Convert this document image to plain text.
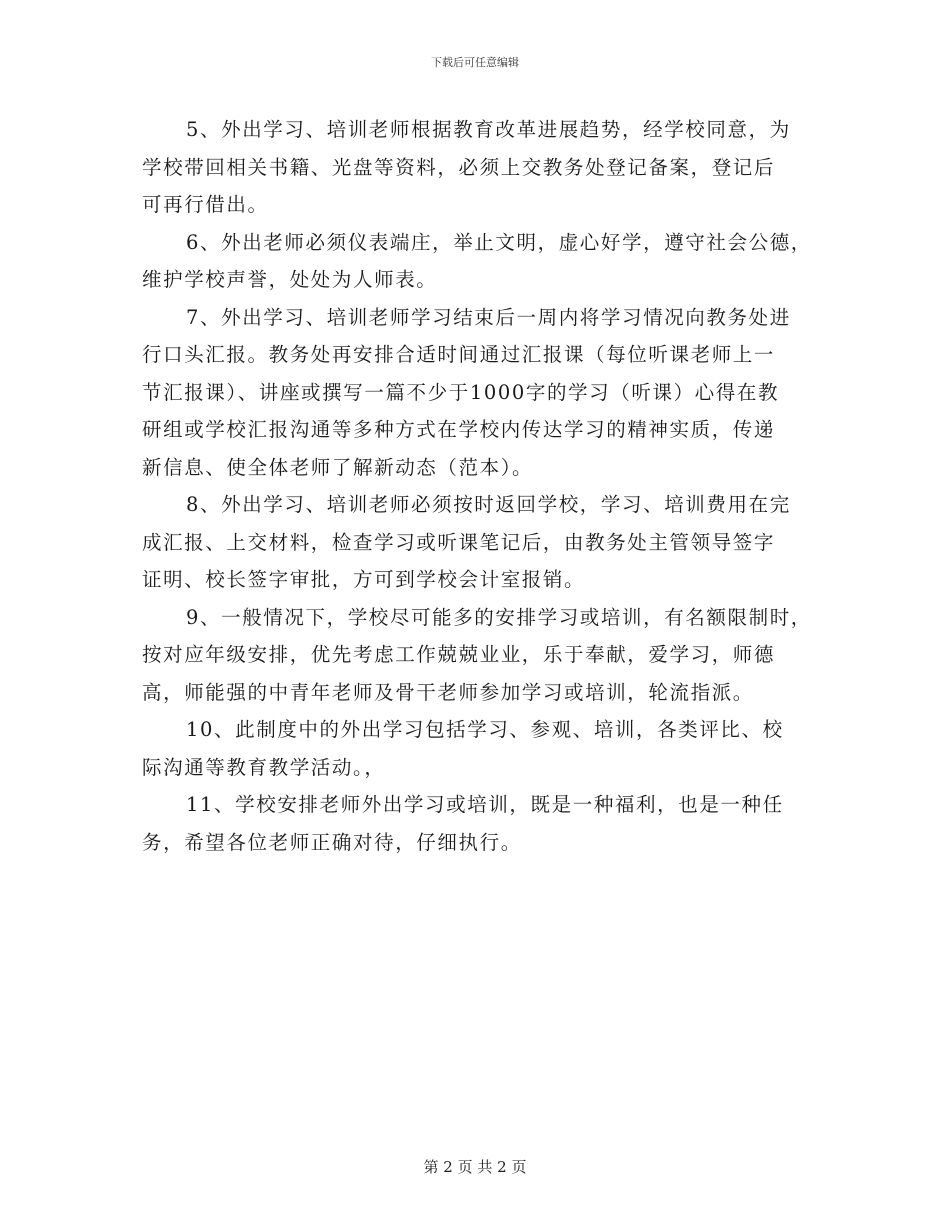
下载后可任意编辑
5、外出学习、培训老师根据教育改革进展趋势，经学校同意，为
学校带回相关书籍、光盘等资料，必须上交教务处登记备案，登记后
可再行借出。
6、外出老师必须仪表端庄，举止文明，虚心好学，遵守社会公德，
维护学校声誉，处处为人师表。
7、外出学习、培训老师学习结束后一周内将学习情况向教务处进
行口头汇报。教务处再安排合适时间通过汇报课（每位听课老师上一
节汇报课）、讲座或撰写一篇不少于1000字的学习（听课）心得在教
研组或学校汇报沟通等多种方式在学校内传达学习的精神实质，传递
新信息、使全体老师了解新动态（范本）。
8、外出学习、培训老师必须按时返回学校，学习、培训费用在完
成汇报、上交材料，检查学习或听课笔记后，由教务处主管领导签字
证明、校长签字审批，方可到学校会计室报销。
9、一般情况下，学校尽可能多的安排学习或培训，有名额限制时，
按对应年级安排，优先考虑工作兢兢业业，乐于奉献，爱学习，师德
高，师能强的中青年老师及骨干老师参加学习或培训，轮流指派。
10、此制度中的外出学习包括学习、参观、培训，各类评比、校
际沟通等教育教学活动。，
11、学校安排老师外出学习或培训，既是一种福利，也是一种任
务，希望各位老师正确对待，仔细执行。
第 2 页 共 2 页
